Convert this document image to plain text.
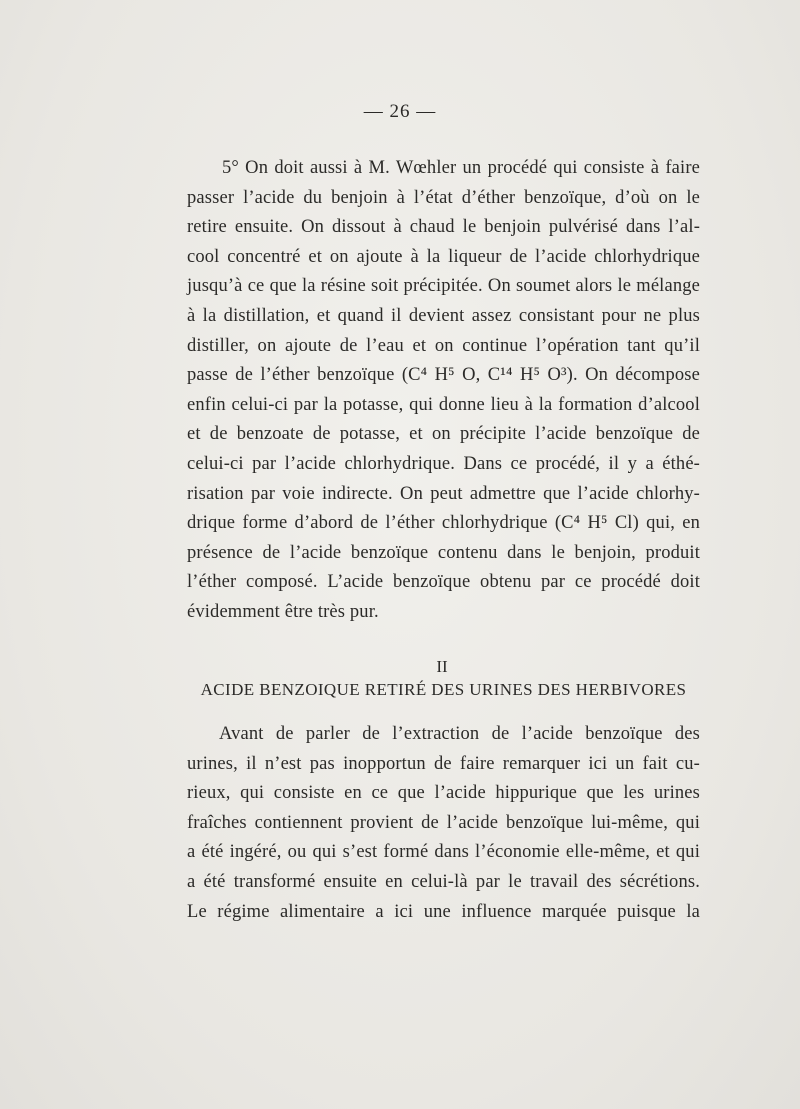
— 26 —
5° On doit aussi à M. Wœhler un procédé qui consiste à faire
passer l’acide du benjoin à l’état d’éther benzoïque, d’où on le
retire ensuite. On dissout à chaud le benjoin pulvérisé dans l’al-
cool concentré et on ajoute à la liqueur de l’acide chlorhydrique
jusqu’à ce que la résine soit précipitée. On soumet alors le mélange
à la distillation, et quand il devient assez consistant pour ne plus
distiller, on ajoute de l’eau et on continue l’opération tant qu’il
passe de l’éther benzoïque (C⁴ H⁵ O, C¹⁴ H⁵ O³). On décompose
enfin celui-ci par la potasse, qui donne lieu à la formation d’alcool
et de benzoate de potasse, et on précipite l’acide benzoïque de
celui-ci par l’acide chlorhydrique. Dans ce procédé, il y a éthé-
risation par voie indirecte. On peut admettre que l’acide chlorhy-
drique forme d’abord de l’éther chlorhydrique (C⁴ H⁵ Cl) qui, en
présence de l’acide benzoïque contenu dans le benjoin, produit
l’éther composé. L’acide benzoïque obtenu par ce procédé doit
évidemment être très pur.
II
ACIDE BENZOIQUE RETIRÉ DES URINES DES HERBIVORES
Avant de parler de l’extraction de l’acide benzoïque des
urines, il n’est pas inopportun de faire remarquer ici un fait cu-
rieux, qui consiste en ce que l’acide hippurique que les urines
fraîches contiennent provient de l’acide benzoïque lui-même, qui
a été ingéré, ou qui s’est formé dans l’économie elle-même, et qui
a été transformé ensuite en celui-là par le travail des sécrétions.
Le régime alimentaire a ici une influence marquée puisque la
